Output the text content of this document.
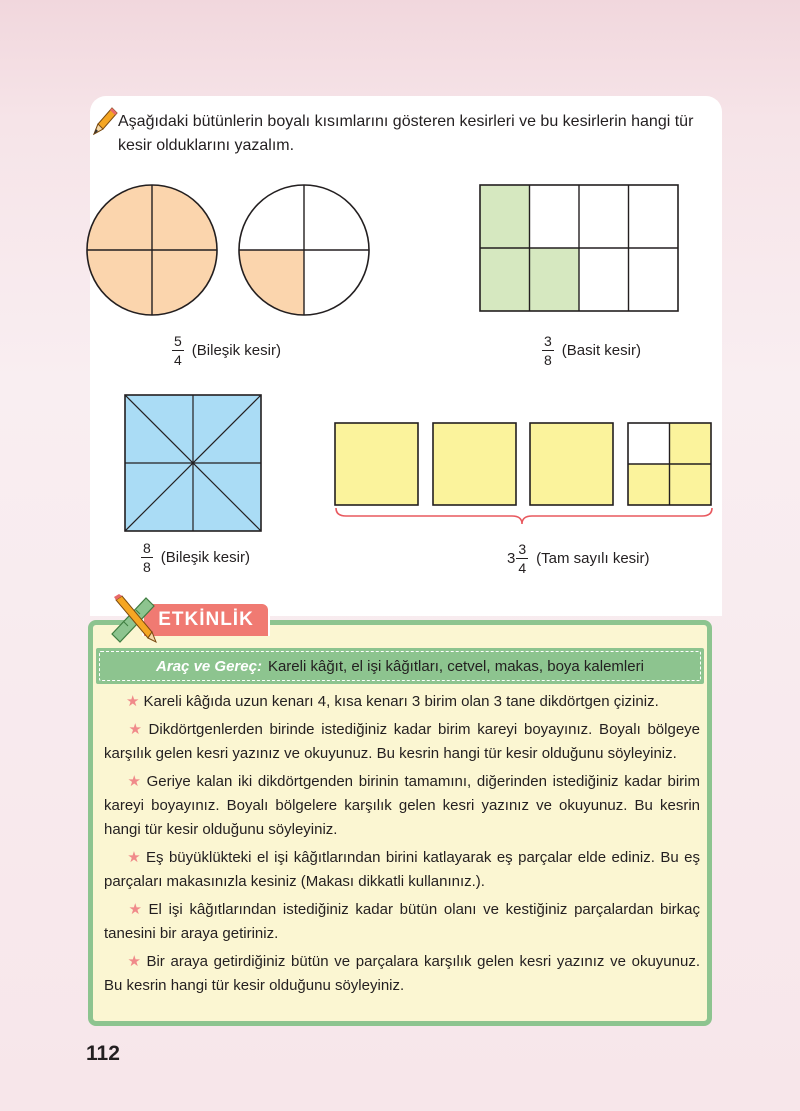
Aşağıdaki bütünlerin boyalı kısımlarını gösteren kesirleri ve bu kesirlerin hangi tür kesir olduklarını yazalım.
$\frac{5}{4}$ (Bileşik kesir)	$\frac{3}{8}$ (Basit kesir)
$\frac{8}{8}$ (Bileşik kesir)	$3 \frac{3}{4} (Tam$ sayılı kesir)
ETKİNLİK
Araç ve Gereç: Kareli kâğıt, el işi kâğıtları, cetvel, makas, boya kalemleri
★ Kareli kâğıda uzun kenarı 4, kısa kenarı 3 birim olan 3 tane dikdörtgen çiziniz.
★ Dikdörtgenlerden birinde istediğiniz kadar birim kareyi boyayınız. Boyalı bölgeye karşılık gelen kesri yazınız ve okuyunuz. Bu kesrin hangi tür kesir olduğunu söyleyiniz.
★ Geriye kalan iki dikdörtgenden birinin tamamını, diğerinden istediğiniz kadar birim kareyi boyayınız. Boyalı bölgelere karşılık gelen kesri yazınız ve okuyunuz. Bu kesrin hangi tür kesir olduğunu söyleyiniz.
★ Eş büyüklükteki el işi kâğıtlarından birini katlayarak eş parçalar elde ediniz. Bu eş parçaları makasınızla kesiniz (Makası dikkatli kullanınız.).
★ El işi kâğıtlarından istediğiniz kadar bütün olanı ve kestiğiniz parçalardan birkaç tanesini bir araya getiriniz.
★ Bir araya getirdiğiniz bütün ve parçalara karşılık gelen kesri yazınız ve okuyunuz. Bu kesrin hangi tür kesir olduğunu söyleyiniz.
112
